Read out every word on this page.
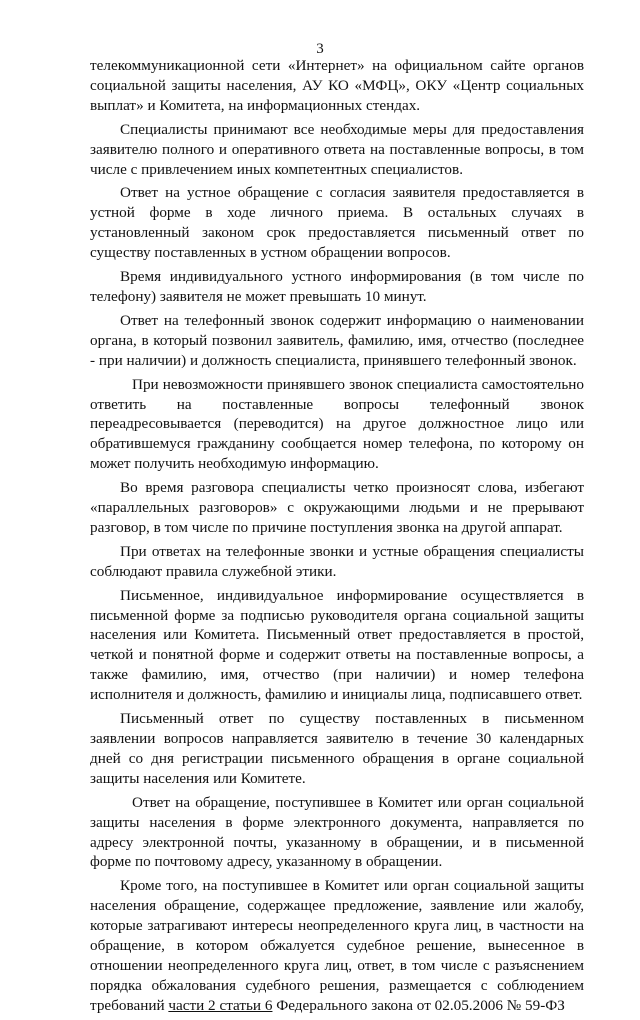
3

телекоммуникационной сети «Интернет» на официальном сайте органов социальной защиты населения, АУ КО «МФЦ», ОКУ «Центр социальных выплат» и Комитета, на информационных стендах.

Специалисты принимают все необходимые меры для предоставления заявителю полного и оперативного ответа на поставленные вопросы, в том числе с привлечением иных компетентных специалистов.

Ответ на устное обращение с согласия заявителя предоставляется в устной форме в ходе личного приема. В остальных случаях в установленный законом срок предоставляется письменный ответ по существу поставленных в устном обращении вопросов.

Время индивидуального устного информирования (в том числе по телефону) заявителя не может превышать 10 минут.

Ответ на телефонный звонок содержит информацию о наименовании органа, в который позвонил заявитель, фамилию, имя, отчество (последнее - при наличии) и должность специалиста, принявшего телефонный звонок.

При невозможности принявшего звонок специалиста самостоятельно ответить на поставленные вопросы телефонный звонок переадресовывается (переводится) на другое должностное лицо или обратившемуся гражданину сообщается номер телефона, по которому он может получить необходимую информацию.

Во время разговора специалисты четко произносят слова, избегают «параллельных разговоров» с окружающими людьми и не прерывают разговор, в том числе по причине поступления звонка на другой аппарат.

При ответах на телефонные звонки и устные обращения специалисты соблюдают правила служебной этики.

Письменное, индивидуальное информирование осуществляется в письменной форме за подписью руководителя органа социальной защиты населения или Комитета. Письменный ответ предоставляется в простой, четкой и понятной форме и содержит ответы на поставленные вопросы, а также фамилию, имя, отчество (при наличии) и номер телефона исполнителя и должность, фамилию и инициалы лица, подписавшего ответ.

Письменный ответ по существу поставленных в письменном заявлении вопросов направляется заявителю в течение 30 календарных дней со дня регистрации письменного обращения в органе социальной защиты населения или Комитете.

Ответ на обращение, поступившее в Комитет или орган социальной защиты населения в форме электронного документа, направляется по адресу электронной почты, указанному в обращении, и в письменной форме по почтовому адресу, указанному в обращении.

Кроме того, на поступившее в Комитет или орган социальной защиты населения обращение, содержащее предложение, заявление или жалобу, которые затрагивают интересы неопределенного круга лиц, в частности на обращение, в котором обжалуется судебное решение, вынесенное в отношении неопределенного круга лиц, ответ, в том числе с разъяснением порядка обжалования судебного решения, размещается с соблюдением требований части 2 статьи 6 Федерального закона от 02.05.2006 № 59-ФЗ
